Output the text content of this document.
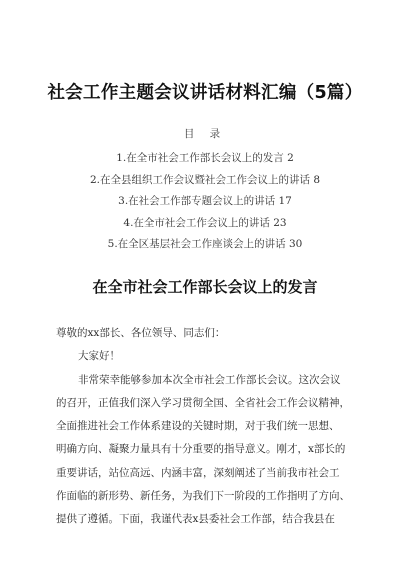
社会工作主题会议讲话材料汇编（5篇）
目 录
1.在全市社会工作部长会议上的发言 2
2.在全县组织工作会议暨社会工作会议上的讲话 8
3.在社会工作部专题会议上的讲话 17
4.在全市社会工作会议上的讲话 23
5.在全区基层社会工作座谈会上的讲话 30
在全市社会工作部长会议上的发言

尊敬的xx部长、各位领导、同志们：

大家好！

非常荣幸能够参加本次全市社会工作部长会议。这次会议

的召开，正值我们深入学习贯彻全国、全省社会工作会议精神，

全面推进社会工作体系建设的关键时期，对于我们统一思想、

明确方向、凝聚力量具有十分重要的指导意义。刚才，x部长的

重要讲话，站位高远、内涵丰富，深刻阐述了当前我市社会工

作面临的新形势、新任务，为我们下一阶段的工作指明了方向、

提供了遵循。下面，我谨代表x县委社会工作部，结合我县在
